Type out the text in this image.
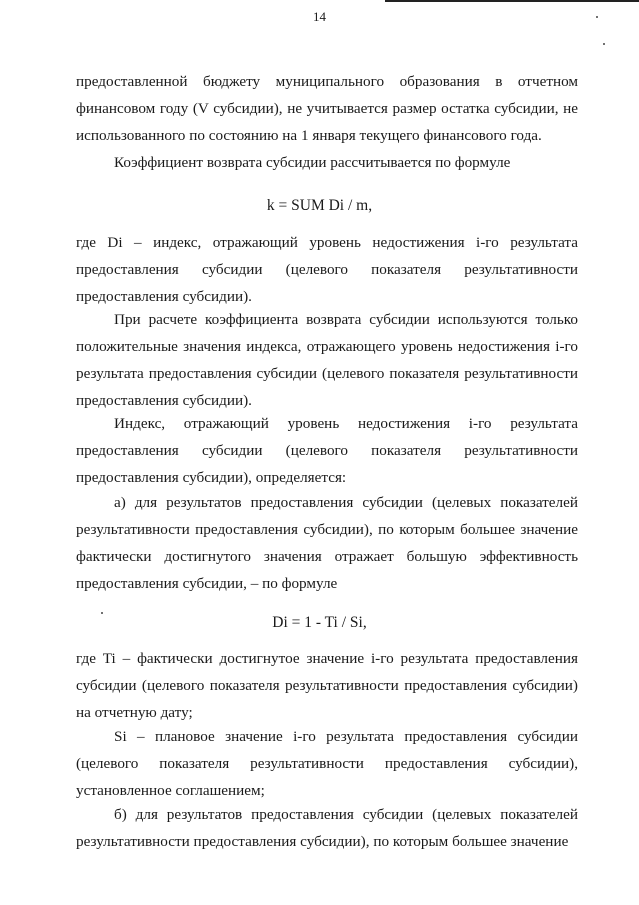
14
предоставленной бюджету муниципального образования в отчетном финансовом году (V субсидии), не учитывается размер остатка субсидии, не использованного по состоянию на 1 января текущего финансового года.
Коэффициент возврата субсидии рассчитывается по формуле
k = SUM Di / m,
где Di – индекс, отражающий уровень недостижения i-го результата предоставления субсидии (целевого показателя результативности предоставления субсидии).
При расчете коэффициента возврата субсидии используются только положительные значения индекса, отражающего уровень недостижения i-го результата предоставления субсидии (целевого показателя результативности предоставления субсидии).
Индекс, отражающий уровень недостижения i-го результата предоставления субсидии (целевого показателя результативности предоставления субсидии), определяется:
а) для результатов предоставления субсидии (целевых показателей результативности предоставления субсидии), по которым большее значение фактически достигнутого значения отражает большую эффективность предоставления субсидии, – по формуле
Di = 1 - Ti / Si,
где Ti – фактически достигнутое значение i-го результата предоставления субсидии (целевого показателя результативности предоставления субсидии) на отчетную дату;
Si – плановое значение i-го результата предоставления субсидии (целевого показателя результативности предоставления субсидии), установленное соглашением;
б) для результатов предоставления субсидии (целевых показателей результативности предоставления субсидии), по которым большее значение
